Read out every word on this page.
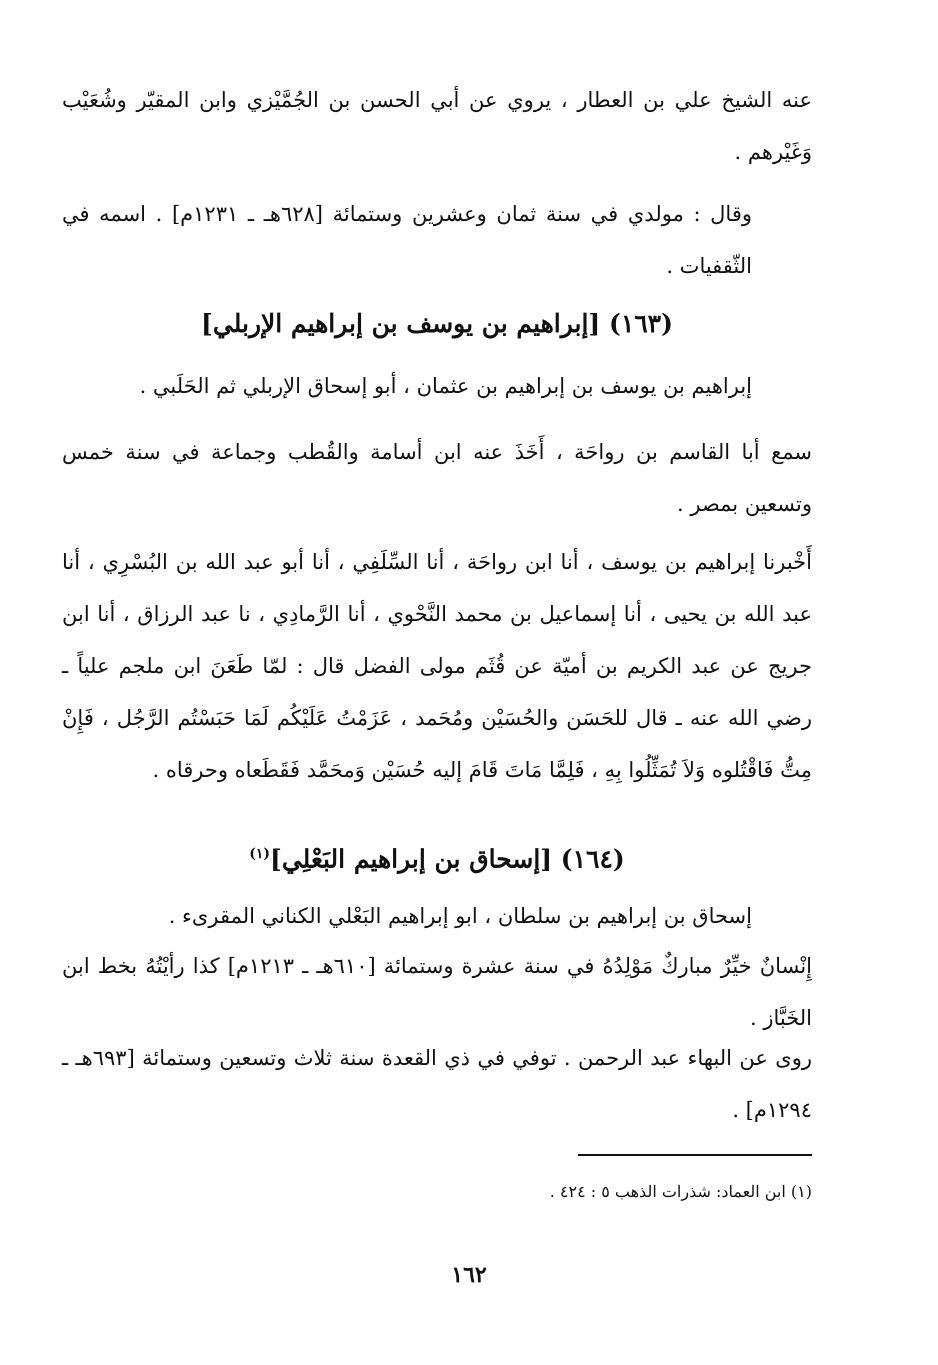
عنه الشيخ علي بن العطار ، يروي عن أبي الحسن بن الجُمَّيْزي وابن المقيّر وشُعَيْب وَغَيْرهم .

وقال : مولدي في سنة ثمان وعشرين وستمائة [٦٢٨هـ ـ ١٢٣١م] . اسمه في الثّقفيات .

(١٦٣) [إبراهيم بن يوسف بن إبراهيم الإربلي]

إبراهيم بن يوسف بن إبراهيم بن عثمان ، أبو إسحاق الإربلي ثم الحَلَبي .

سمع أبا القاسم بن رواحَة ، أَخَذَ عنه ابن أسامة والقُطب وجماعة في سنة خمس وتسعين بمصر .

أَخْبرنا إبراهيم بن يوسف ، أنا ابن رواحَة ، أنا السِّلَفِي ، أنا أبو عبد الله بن البُسْرِي ، أنا عبد الله بن يحيى ، أنا إسماعيل بن محمد النَّحْوي ، أنا الرَّمادِي ، نا عبد الرزاق ، أنا ابن جريج عن عبد الكريم بن أميّة عن قُثَم مولى الفضل قال : لمّا طَعَنَ ابن ملجم علياً ـ رضي الله عنه ـ قال للحَسَن والحُسَيْن ومُحَمد ، عَزَمْتُ عَلَيْكُم لَمَا حَبَسْتُم الرَّجُل ، فَإِنْ مِتُّ فَاقْتُلوه وَلاَ تُمَثِّلُوا بِهِ ، فَلِمَّا مَاتَ قَامَ إليه حُسَيْن وَمحَمَّد فَقَطَعاه وحرقاه .

(١٦٤) [إسحاق بن إبراهيم البَعْلِي]$^{(١)}$

إسحاق بن إبراهيم بن سلطان ، ابو إبراهيم البَعْلي الكناني المقرىء .

إِنْسانٌ خيِّرٌ مباركٌ مَوْلِدُهُ في سنة عشرة وستمائة [٦١٠هـ ـ ١٢١٣م] كذا رأيْتُهُ بخط ابن الخَبَّاز .

روى عن البهاء عبد الرحمن . توفي في ذي القعدة سنة ثلاث وتسعين وستمائة [٦٩٣هـ ـ ١٢٩٤م] .

(١) ابن العماد: شذرات الذهب ٥ : ٤٢٤ .

١٦٢
